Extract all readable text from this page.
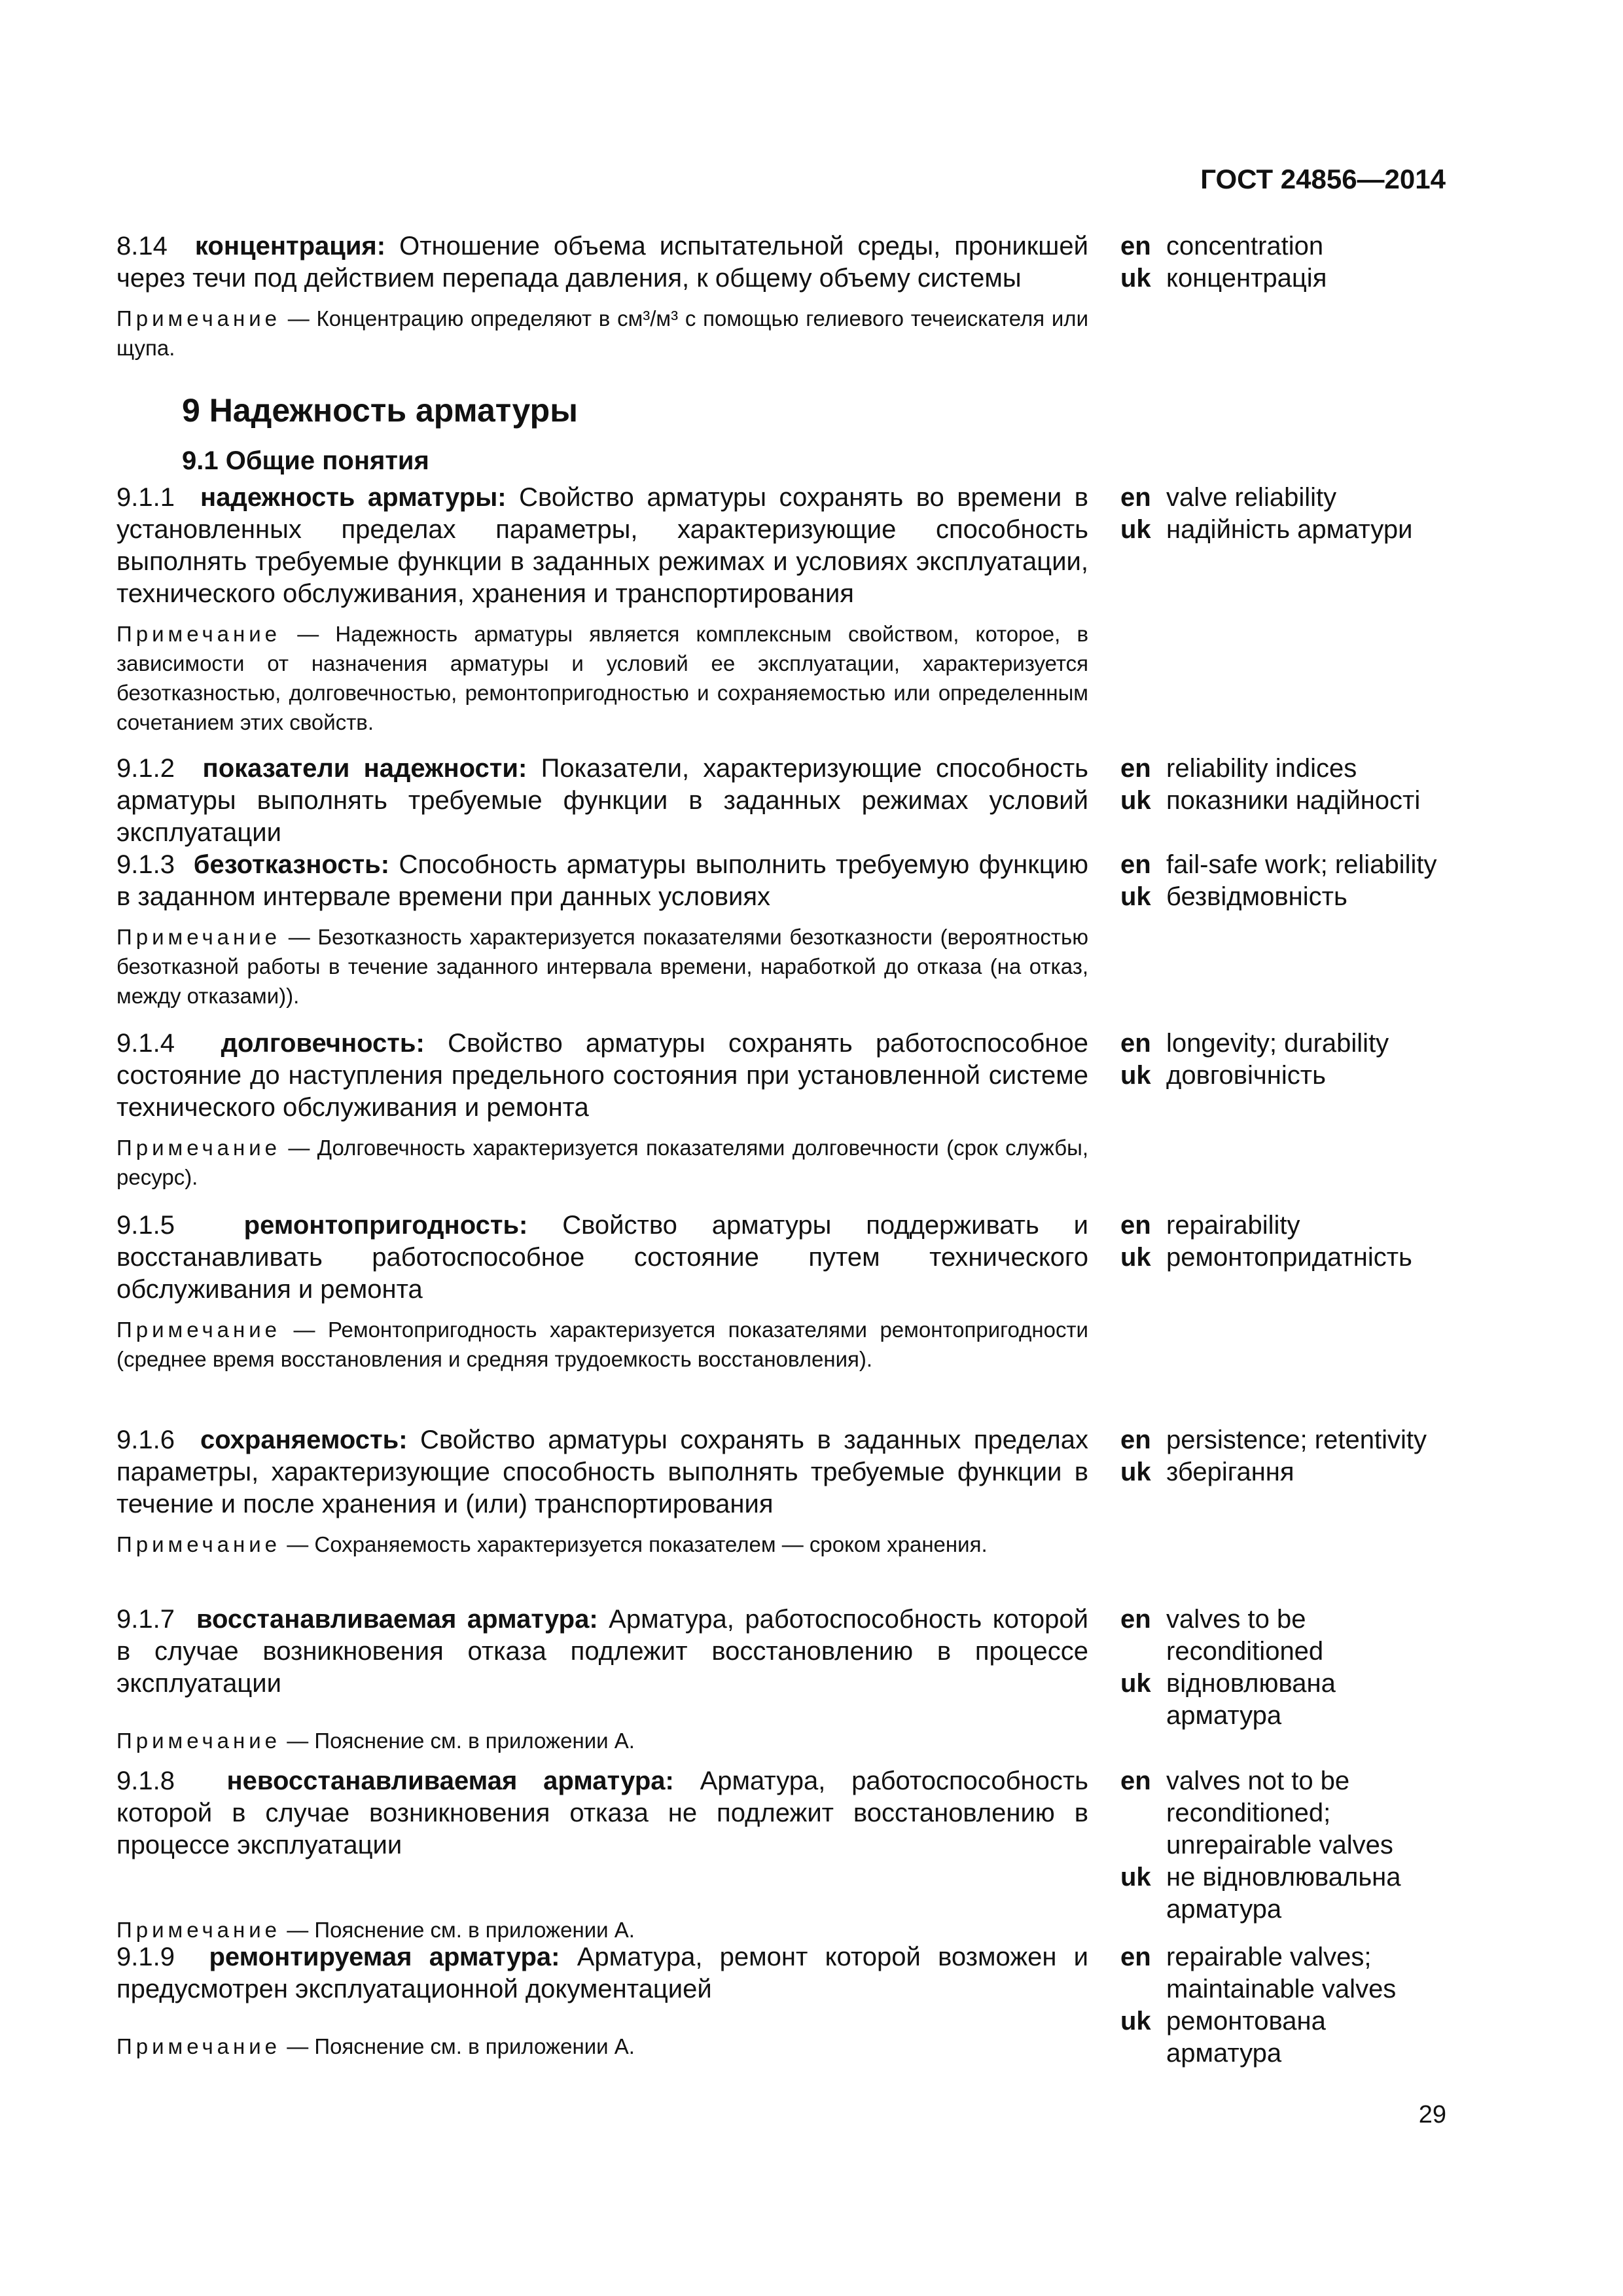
ГОСТ 24856—2014
9 Надежность арматуры
9.1 Общие понятия
8.14 концентрация: Отношение объема испытательной среды, проникшей через течи под действием перепада давления, к общему объему системы
Примечание — Концентрацию определяют в см³/м³ с помощью гелиевого течеискателя или щупа.
en concentration
uk концентрація
9.1.1 надежность арматуры: Свойство арматуры сохранять во времени в установленных пределах параметры, характеризующие способность выполнять требуемые функции в заданных режимах и условиях эксплуатации, технического обслуживания, хранения и транспортирования
Примечание — Надежность арматуры является комплексным свойством, которое, в зависимости от назначения арматуры и условий ее эксплуатации, характеризуется безотказностью, долговечностью, ремонтопригодностью и сохраняемостью или определенным сочетанием этих свойств.
en valve reliability
uk надійність арматури
9.1.2 показатели надежности: Показатели, характеризующие способность арматуры выполнять требуемые функции в заданных режимах условий эксплуатации
en reliability indices
uk показники надійності
9.1.3 безотказность: Способность арматуры выполнить требуемую функцию в заданном интервале времени при данных условиях
Примечание — Безотказность характеризуется показателями безотказности (вероятностью безотказной работы в течение заданного интервала времени, наработкой до отказа (на отказ, между отказами)).
en fail-safe work; reliability
uk безвідмовність
9.1.4 долговечность: Свойство арматуры сохранять работоспособное состояние до наступления предельного состояния при установленной системе технического обслуживания и ремонта
Примечание — Долговечность характеризуется показателями долговечности (срок службы, ресурс).
en longevity; durability
uk довговічність
9.1.5	ремонтопригодность: Свойство арматуры поддерживать и восстанавливать работоспособное состояние путем технического обслуживания и ремонта
Примечание — Ремонтопригодность характеризуется показателями ремонтопригодности (среднее время восстановления и средняя трудоемкость восстановления).
en repairability
uk ремонтопридатність
9.1.6 сохраняемость: Свойство арматуры сохранять в заданных пределах параметры, характеризующие способность выполнять требуемые функции в течение и после хранения и (или) транспортирования
Примечание — Сохраняемость характеризуется показателем — сроком хранения.
en persistence; retentivity
uk зберігання
9.1.7 восстанавливаемая арматура: Арматура, работоспособность которой в случае возникновения отказа подлежит восстановлению в процессе эксплуатации
Примечание — Пояснение см. в приложении А.
en valves to be reconditioned
uk відновлювана арматура
9.1.8 невосстанавливаемая арматура: Арматура, работоспособность которой в случае возникновения отказа не подлежит восстановлению в процессе эксплуатации
Примечание — Пояснение см. в приложении А.
en valves not to be reconditioned; unrepairable valves
uk не відновлювальна арматура
9.1.9 ремонтируемая арматура: Арматура, ремонт которой возможен и предусмотрен эксплуатационной документацией
Примечание — Пояснение см. в приложении А.
en repairable valves; maintainable valves
uk ремонтована арматура
29
